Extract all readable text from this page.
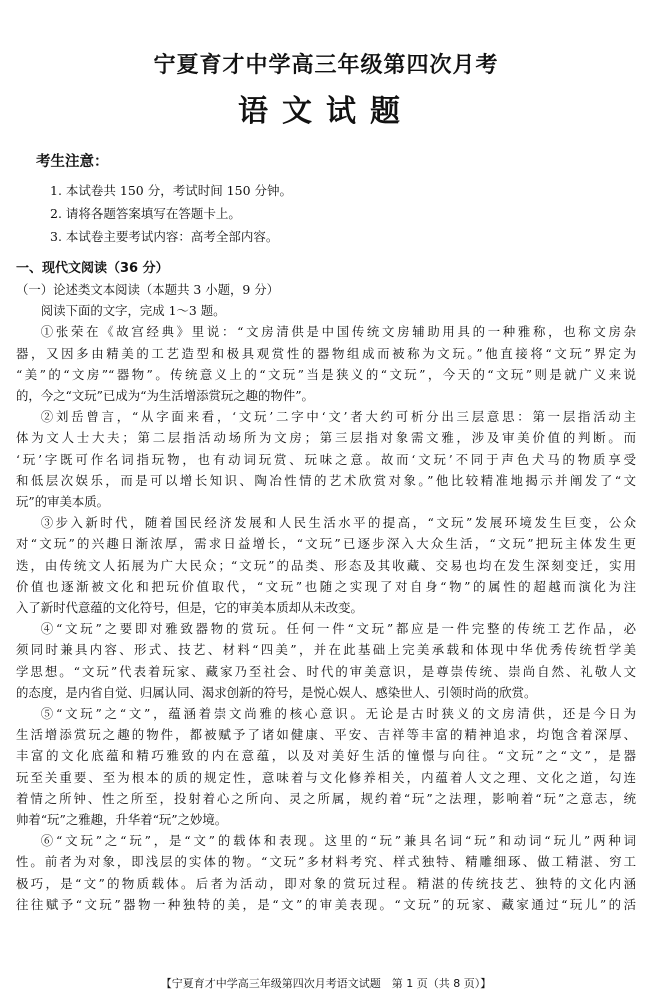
宁夏育才中学高三年级第四次月考
语文试题
考生注意：
1. 本试卷共 150 分，考试时间 150 分钟。
2. 请将各题答案填写在答题卡上。
3. 本试卷主要考试内容：高考全部内容。
一、现代文阅读（36 分）
（一）论述类文本阅读（本题共 3 小题，9 分）
阅读下面的文字，完成 1～3 题。
①张荣在《故宫经典》里说：“文房清供是中国传统文房辅助用具的一种雅称，也称文房杂
器，又因多由精美的工艺造型和极具观赏性的器物组成而被称为文玩。”他直接将“文玩”界定为
“美”的“文房”“器物”。传统意义上的“文玩”当是狭义的“文玩”，今天的“文玩”则是就广义来说
的，今之“文玩”已成为“为生活增添赏玩之趣的物件”。
②刘岳曾言，“从字面来看，‘文玩’二字中‘文’者大约可析分出三层意思：第一层指活动主
体为文人士大夫；第二层指活动场所为文房；第三层指对象需文雅，涉及审美价值的判断。而
‘玩’字既可作名词指玩物，也有动词玩赏、玩味之意。故而‘文玩’不同于声色犬马的物质享受
和低层次娱乐，而是可以增长知识、陶冶性情的艺术欣赏对象。”他比较精准地揭示并阐发了“文
玩”的审美本质。
③步入新时代，随着国民经济发展和人民生活水平的提高，“文玩”发展环境发生巨变，公众
对“文玩”的兴趣日渐浓厚，需求日益增长，“文玩”已逐步深入大众生活，“文玩”把玩主体发生更
迭，由传统文人拓展为广大民众；“文玩”的品类、形态及其收藏、交易也均在发生深刻变迁，实用
价值也逐渐被文化和把玩价值取代，“文玩”也随之实现了对自身“物”的属性的超越而演化为注
入了新时代意蕴的文化符号，但是，它的审美本质却从未改变。
④“文玩”之要即对雅致器物的赏玩。任何一件“文玩”都应是一件完整的传统工艺作品，必
须同时兼具内容、形式、技艺、材料“四美”，并在此基础上完美承载和体现中华优秀传统哲学美
学思想。“文玩”代表着玩家、藏家乃至社会、时代的审美意识，是尊崇传统、崇尚自然、礼敬人文
的态度，是内省自觉、归属认同、渴求创新的符号，是悦心娱人、感染世人、引领时尚的欣赏。
⑤“文玩”之“文”，蕴涵着崇文尚雅的核心意识。无论是古时狭义的文房清供，还是今日为
生活增添赏玩之趣的物件，都被赋予了诸如健康、平安、吉祥等丰富的精神追求，均饱含着深厚、
丰富的文化底蕴和精巧雅致的内在意蕴，以及对美好生活的憧憬与向往。“文玩”之“文”，是器
玩至关重要、至为根本的质的规定性，意味着与文化修养相关，内蕴着人文之理、文化之道，勾连
着情之所钟、性之所至，投射着心之所向、灵之所属，规约着“玩”之法理，影响着“玩”之意志，统
帅着“玩”之雅趣，升华着“玩”之妙境。
⑥“文玩”之“玩”，是“文”的载体和表现。这里的“玩”兼具名词“玩”和动词“玩儿”两种词
性。前者为对象，即浅层的实体的物。“文玩”多材料考究、样式独特、精雕细琢、做工精湛、穷工
极巧，是“文”的物质载体。后者为活动，即对象的赏玩过程。精湛的传统技艺、独特的文化内涵
往往赋予“文玩”器物一种独特的美，是“文”的审美表现。“文玩”的玩家、藏家通过“玩儿”的活
【宁夏育才中学高三年级第四次月考语文试题　第 1 页（共 8 页）】
